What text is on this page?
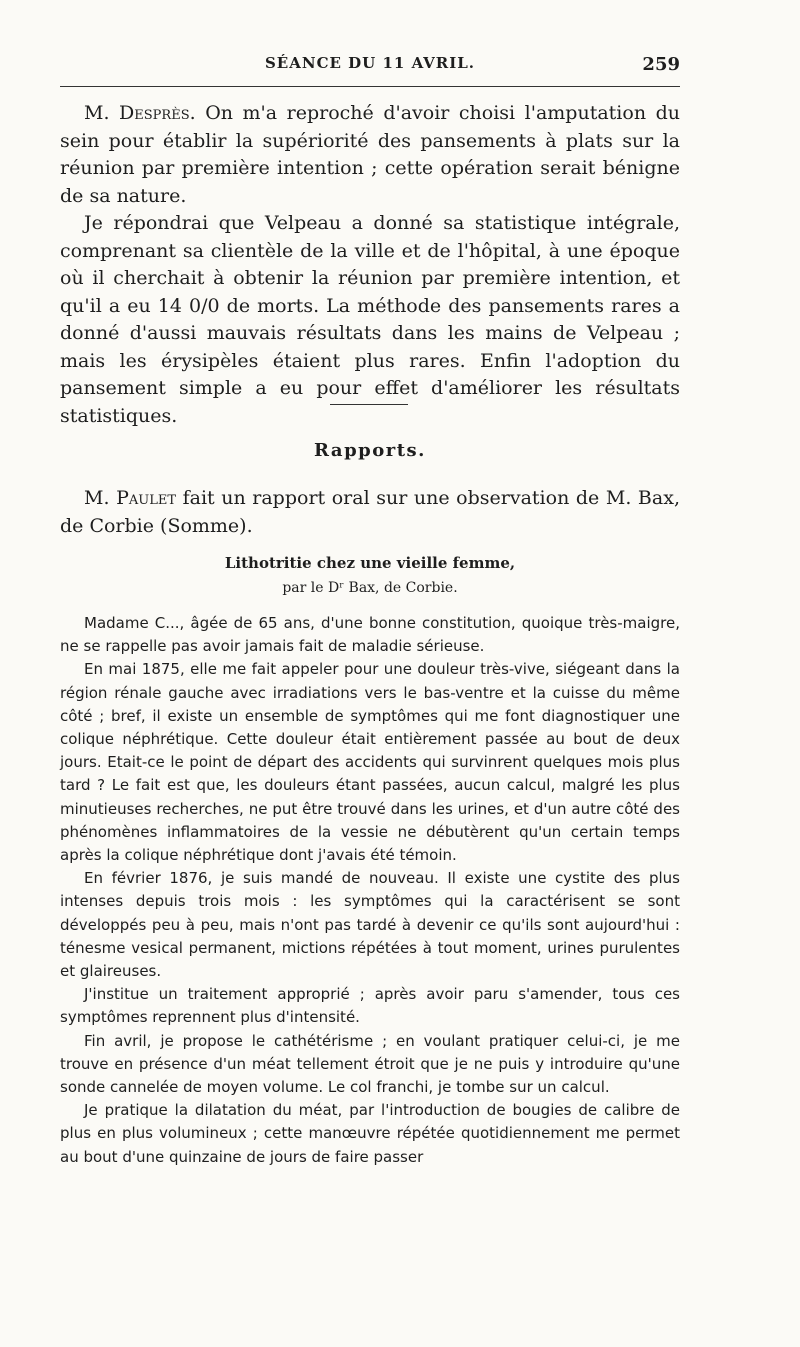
SÉANCE DU 11 AVRIL.	259

M. Desprès. On m'a reproché d'avoir choisi l'amputation du sein pour établir la supériorité des pansements à plats sur la réunion par première intention ; cette opération serait bénigne de sa nature.

Je répondrai que Velpeau a donné sa statistique intégrale, comprenant sa clientèle de la ville et de l'hôpital, à une époque où il cherchait à obtenir la réunion par première intention, et qu'il a eu 14 0/0 de morts. La méthode des pansements rares a donné d'aussi mauvais résultats dans les mains de Velpeau ; mais les érysipèles étaient plus rares. Enfin l'adoption du pansement simple a eu pour effet d'améliorer les résultats statistiques.

Rapports.

M. Paulet fait un rapport oral sur une observation de M. Bax, de Corbie (Somme).

Lithotritie chez une vieille femme,
par le Dʳ Bax, de Corbie.

Madame C..., âgée de 65 ans, d'une bonne constitution, quoique très-maigre, ne se rappelle pas avoir jamais fait de maladie sérieuse.

En mai 1875, elle me fait appeler pour une douleur très-vive, siégeant dans la région rénale gauche avec irradiations vers le bas-ventre et la cuisse du même côté ; bref, il existe un ensemble de symptômes qui me font diagnostiquer une colique néphrétique. Cette douleur était entièrement passée au bout de deux jours. Etait-ce le point de départ des accidents qui survinrent quelques mois plus tard ? Le fait est que, les douleurs étant passées, aucun calcul, malgré les plus minutieuses recherches, ne put être trouvé dans les urines, et d'un autre côté des phénomènes inflammatoires de la vessie ne débutèrent qu'un certain temps après la colique néphrétique dont j'avais été témoin.

En février 1876, je suis mandé de nouveau. Il existe une cystite des plus intenses depuis trois mois : les symptômes qui la caractérisent se sont développés peu à peu, mais n'ont pas tardé à devenir ce qu'ils sont aujourd'hui : ténesme vesical permanent, mictions répétées à tout moment, urines purulentes et glaireuses.

J'institue un traitement approprié ; après avoir paru s'amender, tous ces symptômes reprennent plus d'intensité.

Fin avril, je propose le cathétérisme ; en voulant pratiquer celui-ci, je me trouve en présence d'un méat tellement étroit que je ne puis y introduire qu'une sonde cannelée de moyen volume. Le col franchi, je tombe sur un calcul.

Je pratique la dilatation du méat, par l'introduction de bougies de calibre de plus en plus volumineux ; cette manœuvre répétée quotidiennement me permet au bout d'une quinzaine de jours de faire passer
